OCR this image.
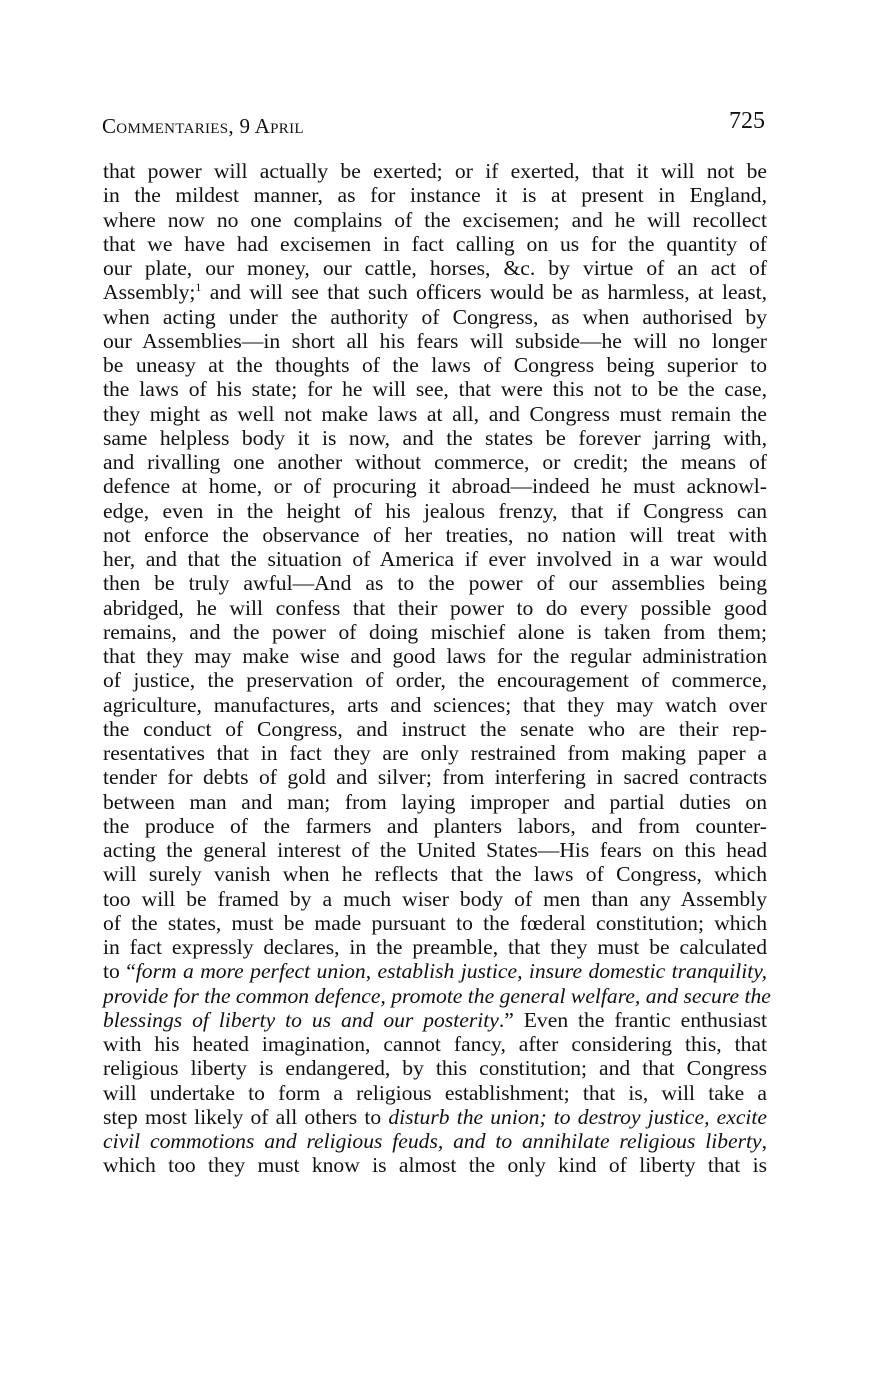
Commentaries, 9 April	725
that power will actually be exerted; or if exerted, that it will not be
in the mildest manner, as for instance it is at present in England,
where now no one complains of the excisemen; and he will recollect
that we have had excisemen in fact calling on us for the quantity of
our plate, our money, our cattle, horses, &c. by virtue of an act of
Assembly;$^1$ and will see that such officers would be as harmless, at least,
when acting under the authority of Congress, as when authorised by
our Assemblies—in short all his fears will subside—he will no longer
be uneasy at the thoughts of the laws of Congress being superior to
the laws of his state; for he will see, that were this not to be the case,
they might as well not make laws at all, and Congress must remain the
same helpless body it is now, and the states be forever jarring with,
and rivalling one another without commerce, or credit; the means of
defence at home, or of procuring it abroad—indeed he must acknowl-
edge, even in the height of his jealous frenzy, that if Congress can
not enforce the observance of her treaties, no nation will treat with
her, and that the situation of America if ever involved in a war would
then be truly awful—And as to the power of our assemblies being
abridged, he will confess that their power to do every possible good
remains, and the power of doing mischief alone is taken from them;
that they may make wise and good laws for the regular administration
of justice, the preservation of order, the encouragement of commerce,
agriculture, manufactures, arts and sciences; that they may watch over
the conduct of Congress, and instruct the senate who are their rep-
resentatives that in fact they are only restrained from making paper a
tender for debts of gold and silver; from interfering in sacred contracts
between man and man; from laying improper and partial duties on
the produce of the farmers and planters labors, and from counter-
acting the general interest of the United States—His fears on this head
will surely vanish when he reflects that the laws of Congress, which
too will be framed by a much wiser body of men than any Assembly
of the states, must be made pursuant to the fœderal constitution; which
in fact expressly declares, in the preamble, that they must be calculated
to “form a more perfect union, establish justice, insure domestic tranquility,
provide for the common defence, promote the general welfare, and secure the
blessings of liberty to us and our posterity.” Even the frantic enthusiast
with his heated imagination, cannot fancy, after considering this, that
religious liberty is endangered, by this constitution; and that Congress
will undertake to form a religious establishment; that is, will take a
step most likely of all others to disturb the union; to destroy justice, excite
civil commotions and religious feuds, and to annihilate religious liberty,
which too they must know is almost the only kind of liberty that is
